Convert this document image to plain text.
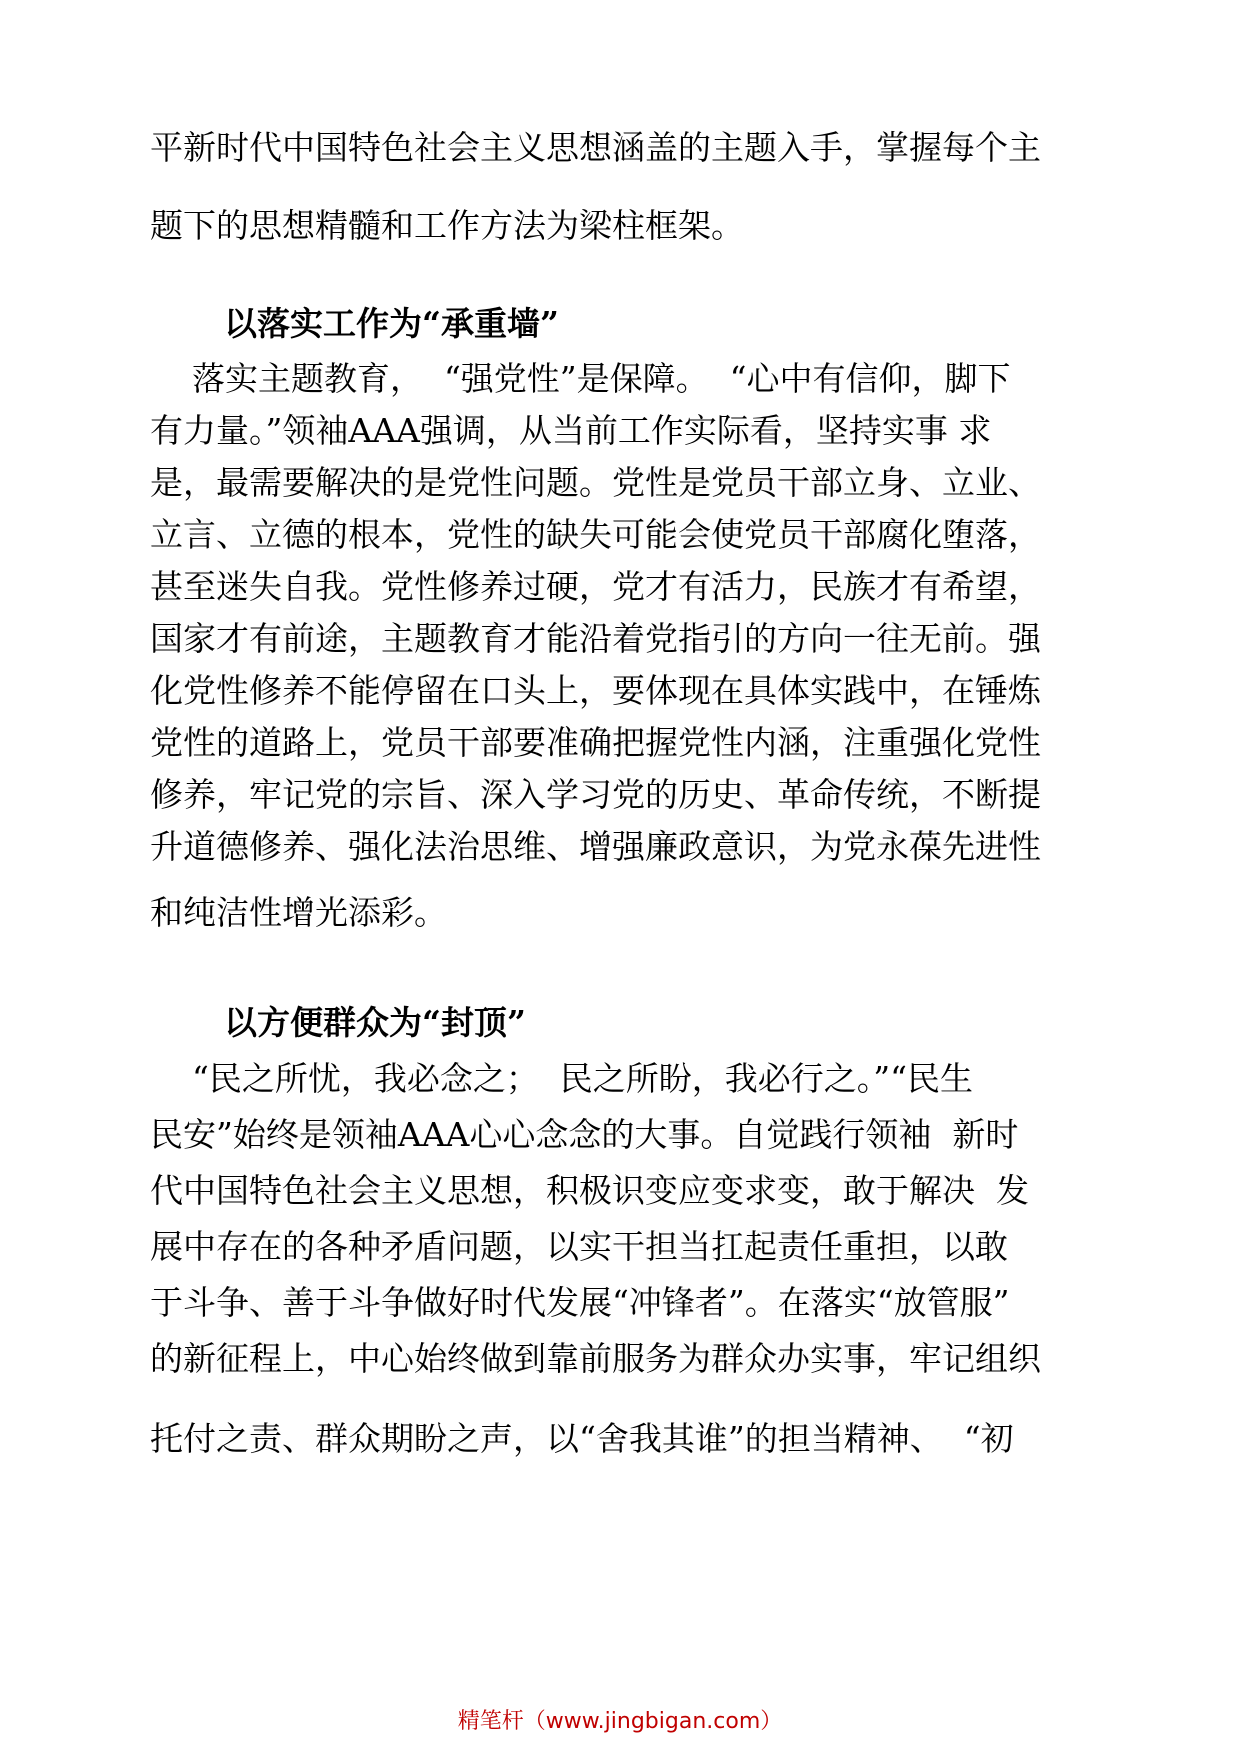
平新时代中国特色社会主义思想涵盖的主题入手，掌握每个主
题下的思想精髓和工作方法为梁柱框架。
以落实工作为“承重墙”
落实主题教育，  “强党性”是保障。  “心中有信仰，脚下
有力量。”领袖AAA强调，从当前工作实际看，坚持实事 求
是，最需要解决的是党性问题。党性是党员干部立身、立业、
立言、立德的根本，党性的缺失可能会使党员干部腐化堕落，
甚至迷失自我。党性修养过硬，党才有活力，民族才有希望，
国家才有前途，主题教育才能沿着党指引的方向一往无前。强
化党性修养不能停留在口头上，要体现在具体实践中，在锤炼
党性的道路上，党员干部要准确把握党性内涵，注重强化党性
修养，牢记党的宗旨、深入学习党的历史、革命传统，不断提
升道德修养、强化法治思维、增强廉政意识，为党永葆先进性
和纯洁性增光添彩。
以方便群众为“封顶”
“民之所忧，我必念之；  民之所盼，我必行之。”“民生
民安”始终是领袖AAA心心念念的大事。自觉践行领袖  新时
代中国特色社会主义思想，积极识变应变求变，敢于解决  发
展中存在的各种矛盾问题，以实干担当扛起责任重担，以敢
于斗争、善于斗争做好时代发展“冲锋者”。在落实“放管服”
的新征程上，中心始终做到靠前服务为群众办实事，牢记组织
托付之责、群众期盼之声，以“舍我其谁”的担当精神、  “初
精笔杆（www.jingbigan.com）
